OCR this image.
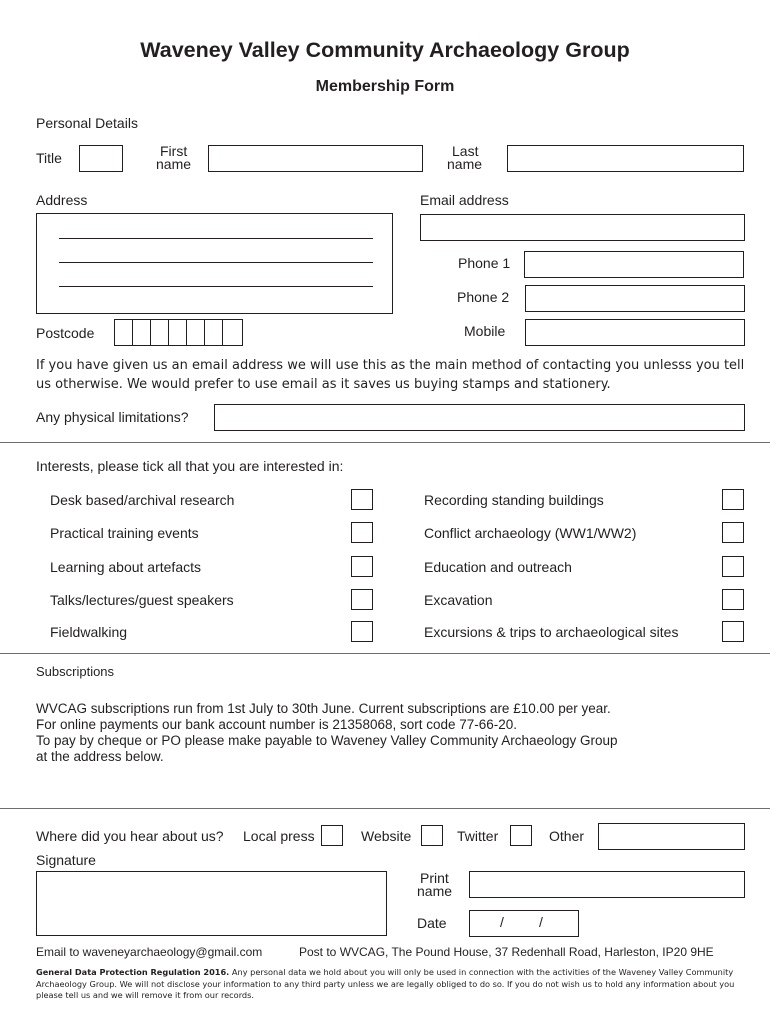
Waveney Valley Community Archaeology Group
Membership Form
Personal Details
Title	First
name
Last
name
Address	Email address
Phone 1
Phone 2
Mobile
Postcode
If you have given us an email address we will use this as the main method of contacting you unlesss you tell us otherwise. We would prefer to use email as it saves us buying stamps and stationery.
Any physical limitations?
Interests, please tick all that you are interested in:
Desk based/archival research
Practical training events
Learning about artefacts
Talks/lectures/guest speakers
Fieldwalking
Recording standing buildings
Conflict archaeology (WW1/WW2)
Education and outreach
Excavation
Excursions & trips to archaeological sites
Subscriptions
WVCAG subscriptions run from 1st July to 30th June. Current subscriptions are £10.00 per year.
For online payments our bank account number is 21358068, sort code 77-66-20.
To pay by cheque or PO please make payable to Waveney Valley Community Archaeology Group
at the address below.
Where did you hear about us? Local press	Website	Twitter	Other
Signature
Print
name
Date	/	/
Email to waveneyarchaeology@gmail.com	Post to WVCAG, The Pound House, 37 Redenhall Road, Harleston, IP20 9HE
General Data Protection Regulation 2016. Any personal data we hold about you will only be used in connection with the activities of the Waveney Valley Community Archaeology Group. We will not disclose your information to any third party unless we are legally obliged to do so. If you do not wish us to hold any information about you please tell us and we will remove it from our records.
